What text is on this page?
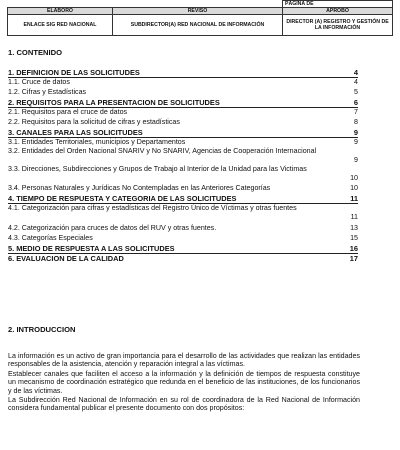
		PÁGINA DE
ELABORÓ	REVISÓ	APROBÓ
ENLACE SIG RED NACIONAL	SUBDIRECTOR(A) RED NACIONAL DE INFORMACIÓN	DIRECTOR (A) REGISTRO Y GESTIÓN DE LA INFORMACIÓN
1. CONTENIDO
1. DEFINICION DE LAS SOLICITUDES	4
1.1. Cruce de datos	4
1.2. Cifras y Estadísticas	5
2. REQUISITOS PARA LA PRESENTACION DE SOLICITUDES	6
2.1. Requisitos para el cruce de datos	7
2.2. Requisitos para la solicitud de cifras y estadísticas	8
3. CANALES PARA LAS SOLICITUDES	9
3.1. Entidades Territoriales, municipios y Departamentos	9
3.2. Entidades del Orden Nacional SNARIV y No SNARIV, Agencias de Cooperación Internacional
9
3.3. Direcciones, Subdirecciones y Grupos de Trabajo al Interior de la Unidad para las Victimas
10
3.4. Personas Naturales y Jurídicas No Contempladas en las Anteriores Categorías	10
4. TIEMPO DE RESPUESTA Y CATEGORIA DE LAS SOLICITUDES	11
4.1. Categorización para cifras y estadísticas del Registro Único de Víctimas y otras fuentes
11
4.2. Categorización para cruces de datos del RUV y otras fuentes.	13
4.3. Categorías Especiales	15
5. MEDIO DE RESPUESTA A LAS SOLICITUDES	16
6. EVALUACION DE LA CALIDAD	17
2. INTRODUCCION

La información es un activo de gran importancia para el desarrollo de las actividades que realizan las entidades responsables de la asistencia, atención y reparación integral a las víctimas.

Establecer canales que faciliten el acceso a la información y la definición de tiempos de respuesta constituye un mecanismo de coordinación estratégico que redunda en el beneficio de las instituciones, de los funcionarios y de las víctimas.

La Subdirección Red Nacional de Información en su rol de coordinadora de la Red Nacional de Información considera fundamental publicar el presente documento con dos propósitos:
